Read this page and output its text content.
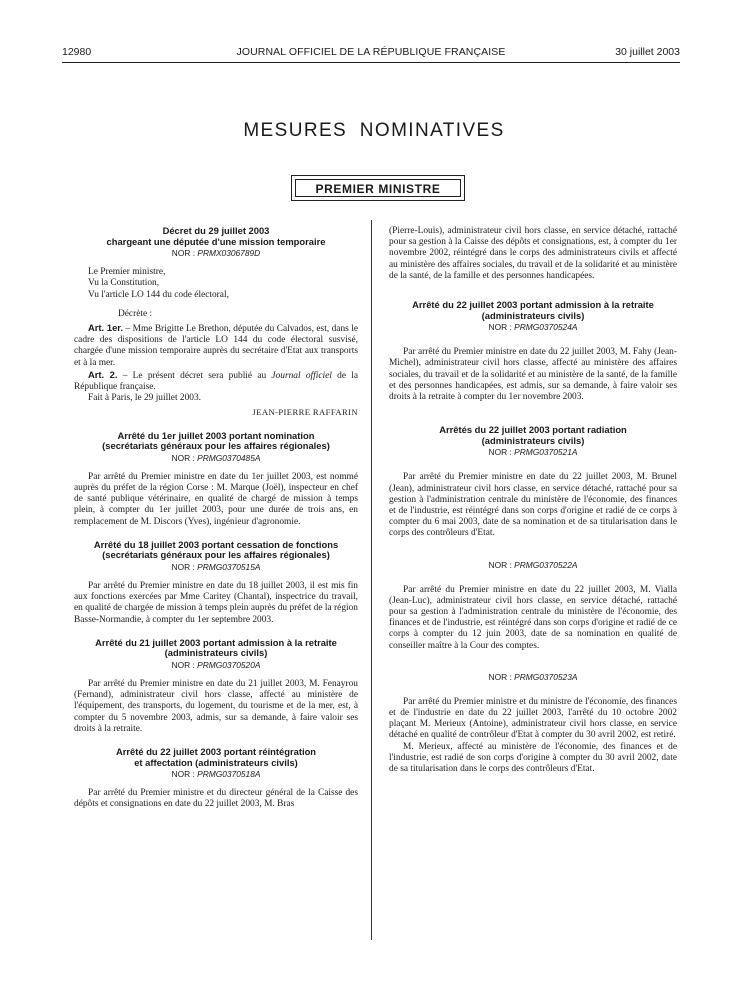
12980	JOURNAL OFFICIEL DE LA RÉPUBLIQUE FRANÇAISE	30 juillet 2003
MESURES NOMINATIVES
PREMIER MINISTRE

Décret du 29 juillet 2003
chargeant une députée d'une mission temporaire

NOR : PRMX0306789D

Le Premier ministre,

Vu la Constitution,

Vu l'article LO 144 du code électoral,

Décrète :

Art. 1er. – Mme Brigitte Le Brethon, députée du Calvados, est, dans le cadre des dispositions de l'article LO 144 du code électoral susvisé, chargée d'une mission temporaire auprès du secrétaire d'Etat aux transports et à la mer.

Art. 2. – Le présent décret sera publié au Journal officiel de la République française.

Fait à Paris, le 29 juillet 2003.

JEAN-PIERRE RAFFARIN

Arrêté du 1er juillet 2003 portant nomination
(secrétariats généraux pour les affaires régionales)

NOR : PRMG0370485A

Par arrêté du Premier ministre en date du 1er juillet 2003, est nommé auprès du préfet de la région Corse : M. Marque (Joël), inspecteur en chef de santé publique vétérinaire, en qualité de chargé de mission à temps plein, à compter du 1er juillet 2003, pour une durée de trois ans, en remplacement de M. Discors (Yves), ingénieur d'agronomie.

Arrêté du 18 juillet 2003 portant cessation de fonctions
(secrétariats généraux pour les affaires régionales)

NOR : PRMG0370515A

Par arrêté du Premier ministre en date du 18 juillet 2003, il est mis fin aux fonctions exercées par Mme Caritey (Chantal), inspectrice du travail, en qualité de chargée de mission à temps plein auprès du préfet de la région Basse-Normandie, à compter du 1er septembre 2003.

Arrêté du 21 juillet 2003 portant admission à la retraite
(administrateurs civils)

NOR : PRMG0370520A

Par arrêté du Premier ministre en date du 21 juillet 2003, M. Fenayrou (Fernand), administrateur civil hors classe, affecté au ministère de l'équipement, des transports, du logement, du tourisme et de la mer, est, à compter du 5 novembre 2003, admis, sur sa demande, à faire valoir ses droits à la retraite.

Arrêté du 22 juillet 2003 portant réintégration
et affectation (administrateurs civils)

NOR : PRMG0370518A

Par arrêté du Premier ministre et du directeur général de la Caisse des dépôts et consignations en date du 22 juillet 2003, M. Bras

(Pierre-Louis), administrateur civil hors classe, en service détaché, rattaché pour sa gestion à la Caisse des dépôts et consignations, est, à compter du 1er novembre 2002, réintégré dans le corps des administrateurs civils et affecté au ministère des affaires sociales, du travail et de la solidarité et au ministère de la santé, de la famille et des personnes handicapées.

Arrêté du 22 juillet 2003 portant admission à la retraite
(administrateurs civils)

NOR : PRMG0370524A

Par arrêté du Premier ministre en date du 22 juillet 2003, M. Fahy (Jean-Michel), administrateur civil hors classe, affecté au ministère des affaires sociales, du travail et de la solidarité et au ministère de la santé, de la famille et des personnes handicapées, est admis, sur sa demande, à faire valoir ses droits à la retraite à compter du 1er novembre 2003.

Arrêtés du 22 juillet 2003 portant radiation
(administrateurs civils)

NOR : PRMG0370521A

Par arrêté du Premier ministre en date du 22 juillet 2003, M. Brunel (Jean), administrateur civil hors classe, en service détaché, rattaché pour sa gestion à l'administration centrale du ministère de l'économie, des finances et de l'industrie, est réintégré dans son corps d'origine et radié de ce corps à compter du 6 mai 2003, date de sa nomination et de sa titularisation dans le corps des contrôleurs d'Etat.

NOR : PRMG0370522A

Par arrêté du Premier ministre en date du 22 juillet 2003, M. Vialla (Jean-Luc), administrateur civil hors classe, en service détaché, rattaché pour sa gestion à l'administration centrale du ministère de l'économie, des finances et de l'industrie, est réintégré dans son corps d'origine et radié de ce corps à compter du 12 juin 2003, date de sa nomination en qualité de conseiller maître à la Cour des comptes.

NOR : PRMG0370523A

Par arrêté du Premier ministre et du ministre de l'économie, des finances et de l'industrie en date du 22 juillet 2003, l'arrêté du 10 octobre 2002 plaçant M. Merieux (Antoine), administrateur civil hors classe, en service détaché en qualité de contrôleur d'Etat à compter du 30 avril 2002, est retiré.

M. Merieux, affecté au ministère de l'économie, des finances et de l'industrie, est radié de son corps d'origine à compter du 30 avril 2002, date de sa titularisation dans le corps des contrôleurs d'Etat.
